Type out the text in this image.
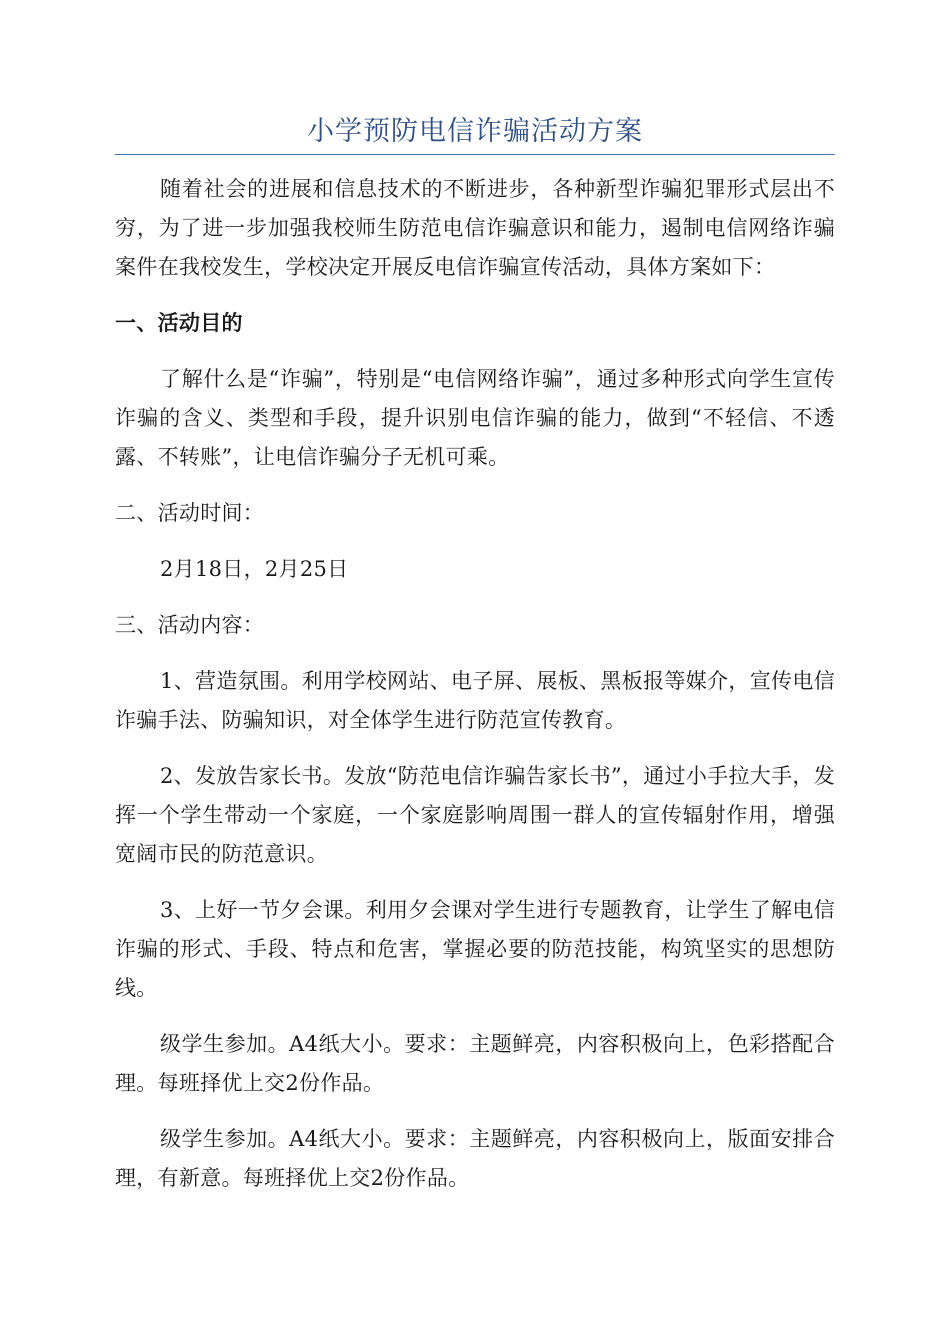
小学预防电信诈骗活动方案

随着社会的进展和信息技术的不断进步，各种新型诈骗犯罪形式层出不穷，为了进一步加强我校师生防范电信诈骗意识和能力，遏制电信网络诈骗案件在我校发生，学校决定开展反电信诈骗宣传活动，具体方案如下：

一、活动目的

了解什么是“诈骗”，特别是“电信网络诈骗”，通过多种形式向学生宣传诈骗的含义、类型和手段，提升识别电信诈骗的能力，做到“不轻信、不透露、不转账”，让电信诈骗分子无机可乘。

二、活动时间：

2月18日，2月25日

三、活动内容：

1、营造氛围。利用学校网站、电子屏、展板、黑板报等媒介，宣传电信诈骗手法、防骗知识，对全体学生进行防范宣传教育。

2、发放告家长书。发放“防范电信诈骗告家长书”，通过小手拉大手，发挥一个学生带动一个家庭，一个家庭影响周围一群人的宣传辐射作用，增强宽阔市民的防范意识。

3、上好一节夕会课。利用夕会课对学生进行专题教育，让学生了解电信诈骗的形式、手段、特点和危害，掌握必要的防范技能，构筑坚实的思想防线。

级学生参加。A4纸大小。要求：主题鲜亮，内容积极向上，色彩搭配合理。每班择优上交2份作品。

级学生参加。A4纸大小。要求：主题鲜亮，内容积极向上，版面安排合理，有新意。每班择优上交2份作品。
